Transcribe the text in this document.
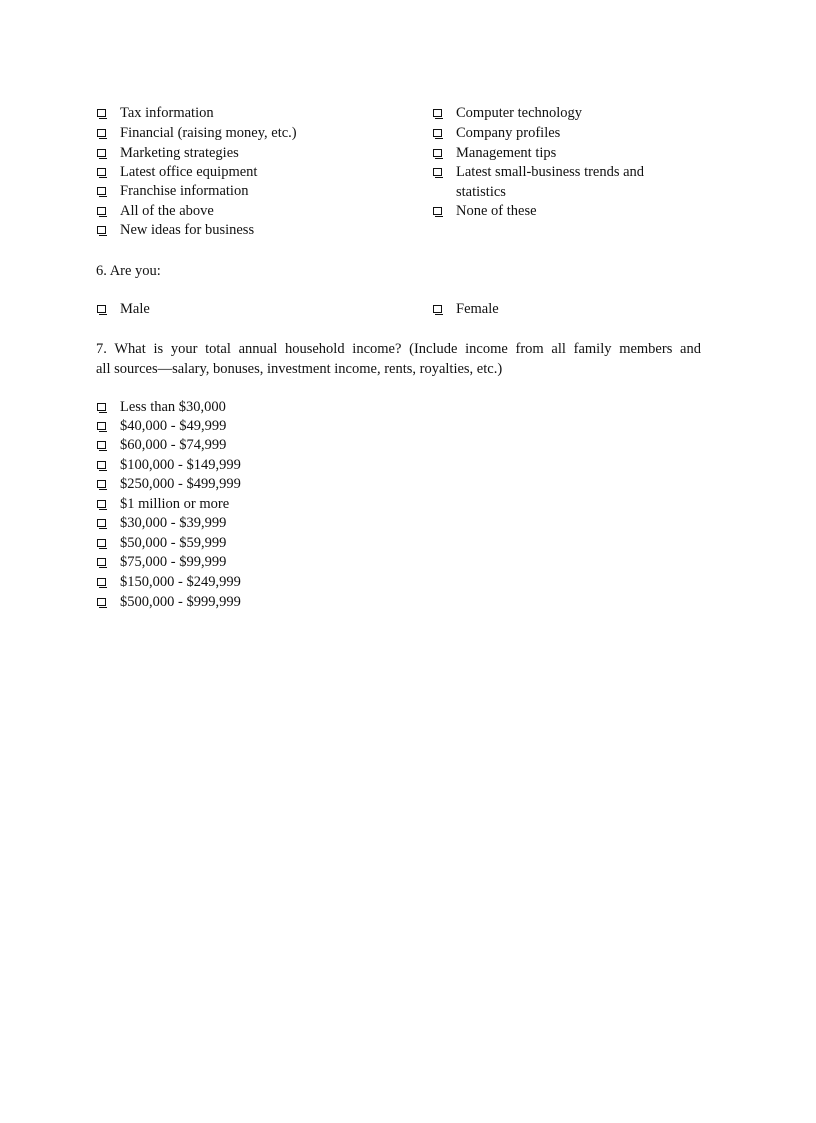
Tax information
Financial (raising money, etc.)
Marketing strategies
Latest office equipment
Franchise information
All of the above
New ideas for business
Computer technology
Company profiles
Management tips
Latest small-business trends and statistics
None of these
6. Are you:
Male	Female
7. What is your total annual household income? (Include income from all family members and
all sources—salary, bonuses, investment income, rents, royalties, etc.)
Less than $30,000
$40,000 - $49,999
$60,000 - $74,999
$100,000 - $149,999
$250,000 - $499,999
$1 million or more
$30,000 - $39,999
$50,000 - $59,999
$75,000 - $99,999
$150,000 - $249,999
$500,000 - $999,999
